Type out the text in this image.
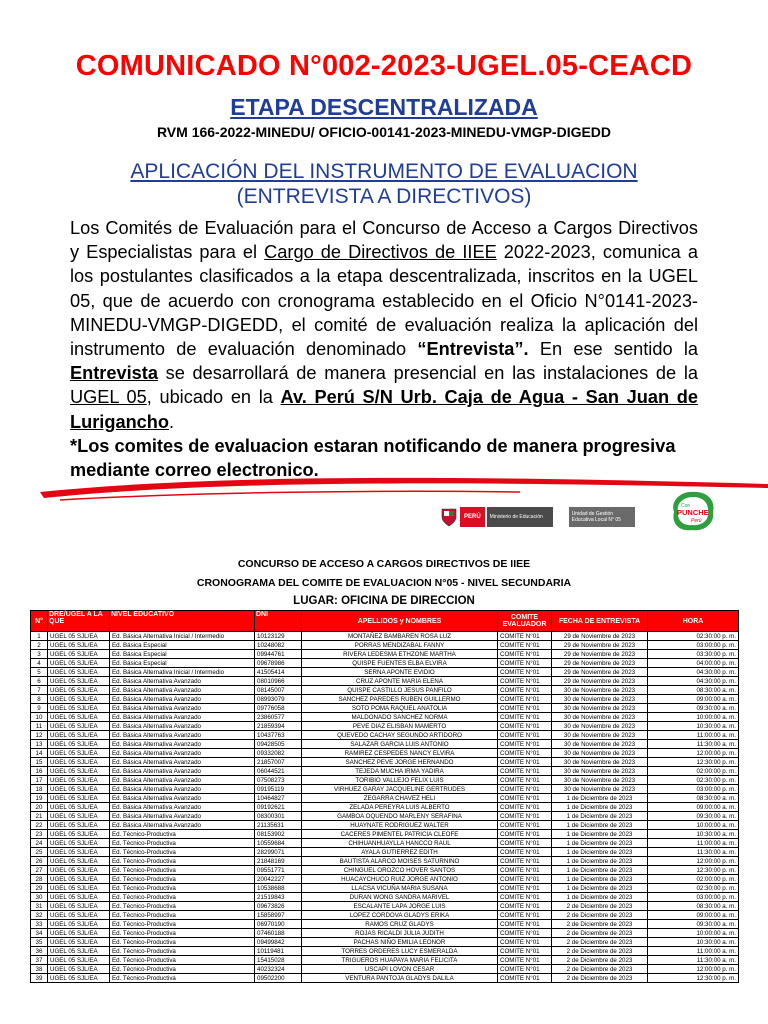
COMUNICADO N°002-2023-UGEL.05-CEACD
ETAPA DESCENTRALIZADA
RVM 166-2022-MINEDU/ OFICIO-00141-2023-MINEDU-VMGP-DIGEDD
APLICACIÓN DEL INSTRUMENTO DE EVALUACION
(ENTREVISTA A DIRECTIVOS)
Los Comités de Evaluación para el Concurso de Acceso a Cargos Directivos y Especialistas para el Cargo de Directivos de IIEE 2022-2023, comunica a los postulantes clasificados a la etapa descentralizada, inscritos en la UGEL 05, que de acuerdo con cronograma establecido en el Oficio N°0141-2023-MINEDU-VMGP-DIGEDD, el comité de evaluación realiza la aplicación del instrumento de evaluación denominado “Entrevista”. En ese sentido la Entrevista se desarrollará de manera presencial en las instalaciones de la UGEL 05, ubicado en la Av. Perú S/N Urb. Caja de Agua - San Juan de Lurigancho.
*Los comites de evaluacion estaran notificando de manera progresiva mediante correo electronico.
PERÚ	Ministerio de Educación	Unidad de Gestión Educativa Local N° 05
Con
PUNCHE
Perú
CONCURSO DE ACCESO A CARGOS DIRECTIVOS DE IIEE
CRONOGRAMA DEL COMITE DE EVALUACION N°05 - NIVEL SECUNDARIA
LUGAR: OFICINA DE DIRECCION
N°	DRE/UGEL A LA QUE	NIVEL EDUCATIVO	DNI	APELLIDOS y NOMBRES	COMITE EVALUADOR	FECHA DE ENTREVISTA	HORA
1	UGEL 05 SJL/EA	Ed. Básica Alternativa Inicial / Intermedio	10123129	MONTAÑEZ BAMBAREN ROSA LUZ	COMITE N°01	29 de Noviembre de 2023	02:30:00 p. m.
2	UGEL 05 SJL/EA	Ed. Básica Especial	10248082	PORRAS MENDIZABAL FANNY	COMITE N°01	29 de Noviembre de 2023	03:00:00 p. m.
3	UGEL 05 SJL/EA	Ed. Básica Especial	09944761	RIVERA LEDESMA ETHZONE MARTHA	COMITE N°01	29 de Noviembre de 2023	03:30:00 p. m.
4	UGEL 05 SJL/EA	Ed. Básica Especial	09678986	QUISPE FUENTES ELBA ELVIRA	COMITE N°01	29 de Noviembre de 2023	04:00:00 p. m.
5	UGEL 05 SJL/EA	Ed. Básica Alternativa Inicial / Intermedio	41505414	SERNA APONTE EVIDIO	COMITE N°01	29 de Noviembre de 2023	04:30:00 p. m.
6	UGEL 05 SJL/EA	Ed. Básica Alternativa Avanzado	08010966	CRUZ APONTE MARIA ELENA	COMITE N°01	29 de Noviembre de 2023	04:30:00 p. m.
7	UGEL 05 SJL/EA	Ed. Básica Alternativa Avanzado	08145007	QUISPE CASTILLO JESUS PANFILO	COMITE N°01	30 de Noviembre de 2023	08:30:00 a. m.
8	UGEL 05 SJL/EA	Ed. Básica Alternativa Avanzado	08993079	SANCHEZ PAREDES RUBEN GUILLERMO	COMITE N°01	30 de Noviembre de 2023	09:00:00 a. m.
9	UGEL 05 SJL/EA	Ed. Básica Alternativa Avanzado	09776058	SOTO POMA RAQUEL ANATOLIA	COMITE N°01	30 de Noviembre de 2023	09:30:00 a. m.
10	UGEL 05 SJL/EA	Ed. Básica Alternativa Avanzado	23860577	MALDONADO SANCHEZ NORMA	COMITE N°01	30 de Noviembre de 2023	10:00:00 a. m.
11	UGEL 05 SJL/EA	Ed. Básica Alternativa Avanzado	21859394	PEVE DIAZ ELISBAN MAMERTO	COMITE N°01	30 de Noviembre de 2023	10:30:00 a. m.
12	UGEL 05 SJL/EA	Ed. Básica Alternativa Avanzado	10437763	QUEVEDO CACHAY SEGUNDO ARTIDORO	COMITE N°01	30 de Noviembre de 2023	11:00:00 a. m.
13	UGEL 05 SJL/EA	Ed. Básica Alternativa Avanzado	09428505	SALAZAR GARCIA LUIS ANTONIO	COMITE N°01	30 de Noviembre de 2023	11:30:00 a. m.
14	UGEL 05 SJL/EA	Ed. Básica Alternativa Avanzado	09332082	RAMIREZ CESPEDES NANCY ELVIRA	COMITE N°01	30 de Noviembre de 2023	12:00:00 p. m.
15	UGEL 05 SJL/EA	Ed. Básica Alternativa Avanzado	21857007	SANCHEZ PEVE JORGE HERNANDO	COMITE N°01	30 de Noviembre de 2023	12:30:00 p. m.
16	UGEL 05 SJL/EA	Ed. Básica Alternativa Avanzado	06044521	TEJEDA MUCHA IRMA YADIRA	COMITE N°01	30 de Noviembre de 2023	02:00:00 p. m.
17	UGEL 05 SJL/EA	Ed. Básica Alternativa Avanzado	07508273	TORIBIO VALLEJO FELIX LUIS	COMITE N°01	30 de Noviembre de 2023	02:30:00 p. m.
18	UGEL 05 SJL/EA	Ed. Básica Alternativa Avanzado	09195119	VIRHUEZ GARAY JACQUELINE GERTRUDES	COMITE N°01	30 de Noviembre de 2023	03:00:00 p. m.
19	UGEL 05 SJL/EA	Ed. Básica Alternativa Avanzado	10464827	ZEGARRA CHAVEZ HELI	COMITE N°01	1 de Diciembre de 2023	08:30:00 a. m.
20	UGEL 05 SJL/EA	Ed. Básica Alternativa Avanzado	09192621	ZELADA PEREYRA LUIS ALBERTO	COMITE N°01	1 de Diciembre de 2023	09:00:00 a. m.
21	UGEL 05 SJL/EA	Ed. Básica Alternativa Avanzado	08300301	GAMBOA OQUENDO MARLENY SERAFINA	COMITE N°01	1 de Diciembre de 2023	09:30:00 a. m.
22	UGEL 05 SJL/EA	Ed. Básica Alternativa Avanzado	21135631	HUAYNATE RODRIGUEZ WALTER	COMITE N°01	1 de Diciembre de 2023	10:00:00 a. m.
23	UGEL 05 SJL/EA	Ed. Técnico-Productiva	08153902	CACERES PIMENTEL PATRICIA CLEOFE	COMITE N°01	1 de Diciembre de 2023	10:30:00 a. m.
24	UGEL 05 SJL/EA	Ed. Técnico-Productiva	10559684	CHIHUANHUAYLLA HANCCO RAUL	COMITE N°01	1 de Diciembre de 2023	11:00:00 a. m.
25	UGEL 05 SJL/EA	Ed. Técnico-Productiva	28299071	AYALA GUTIERREZ EDITH	COMITE N°01	1 de Diciembre de 2023	11:30:00 a. m.
26	UGEL 05 SJL/EA	Ed. Técnico-Productiva	21848169	BAUTISTA ALARCO MOISES SATURNINO	COMITE N°01	1 de Diciembre de 2023	12:00:00 p. m.
27	UGEL 05 SJL/EA	Ed. Técnico-Productiva	09551771	CHINGUEL OROZCO HOVER SANTOS	COMITE N°01	1 de Diciembre de 2023	12:30:00 p. m.
28	UGEL 05 SJL/EA	Ed. Técnico-Productiva	20042227	HUACAYCHUCO RUIZ JORGE ANTONIO	COMITE N°01	1 de Diciembre de 2023	02:00:00 p. m.
29	UGEL 05 SJL/EA	Ed. Técnico-Productiva	10538688	LLACSA VICUÑA MARIA SUSANA	COMITE N°01	1 de Diciembre de 2023	02:30:00 p. m.
30	UGEL 05 SJL/EA	Ed. Técnico-Productiva	21519843	DURAN WONG SANDRA MARIVEL	COMITE N°01	1 de Diciembre de 2023	03:00:00 p. m.
31	UGEL 05 SJL/EA	Ed. Técnico-Productiva	09673826	ESCALANTE LAPA JORGE LUIS	COMITE N°01	2 de Diciembre de 2023	08:30:00 a. m.
32	UGEL 05 SJL/EA	Ed. Técnico-Productiva	15858997	LOPEZ CORDOVA GLADYS ERIKA	COMITE N°01	2 de Diciembre de 2023	09:00:00 a. m.
33	UGEL 05 SJL/EA	Ed. Técnico-Productiva	06970190	RAMOS CRUZ GLADYS	COMITE N°01	2 de Diciembre de 2023	09:30:00 a. m.
34	UGEL 05 SJL/EA	Ed. Técnico-Productiva	07460188	ROJAS RICALDI JULIA JUDITH	COMITE N°01	2 de Diciembre de 2023	10:00:00 a. m.
35	UGEL 05 SJL/EA	Ed. Técnico-Productiva	09499842	PACHAS NIÑO EMILIA LEONOR	COMITE N°01	2 de Diciembre de 2023	10:30:00 a. m.
36	UGEL 05 SJL/EA	Ed. Técnico-Productiva	10119481	TORRES ORDERES LUCY ESMERALDA	COMITE N°01	2 de Diciembre de 2023	11:00:00 a. m.
37	UGEL 05 SJL/EA	Ed. Técnico-Productiva	15415028	TRIGUEROS HUAPAYA MARIA FELICITA	COMITE N°01	2 de Diciembre de 2023	11:30:00 a. m.
38	UGEL 05 SJL/EA	Ed. Técnico-Productiva	40232324	USCAPI LOVON CESAR	COMITE N°01	2 de Diciembre de 2023	12:00:00 p. m.
39	UGEL 05 SJL/EA	Ed. Técnico-Productiva	09502200	VENTURA PANTOJA GLADYS DALILA	COMITE N°01	2 de Diciembre de 2023	12:30:00 p. m.
